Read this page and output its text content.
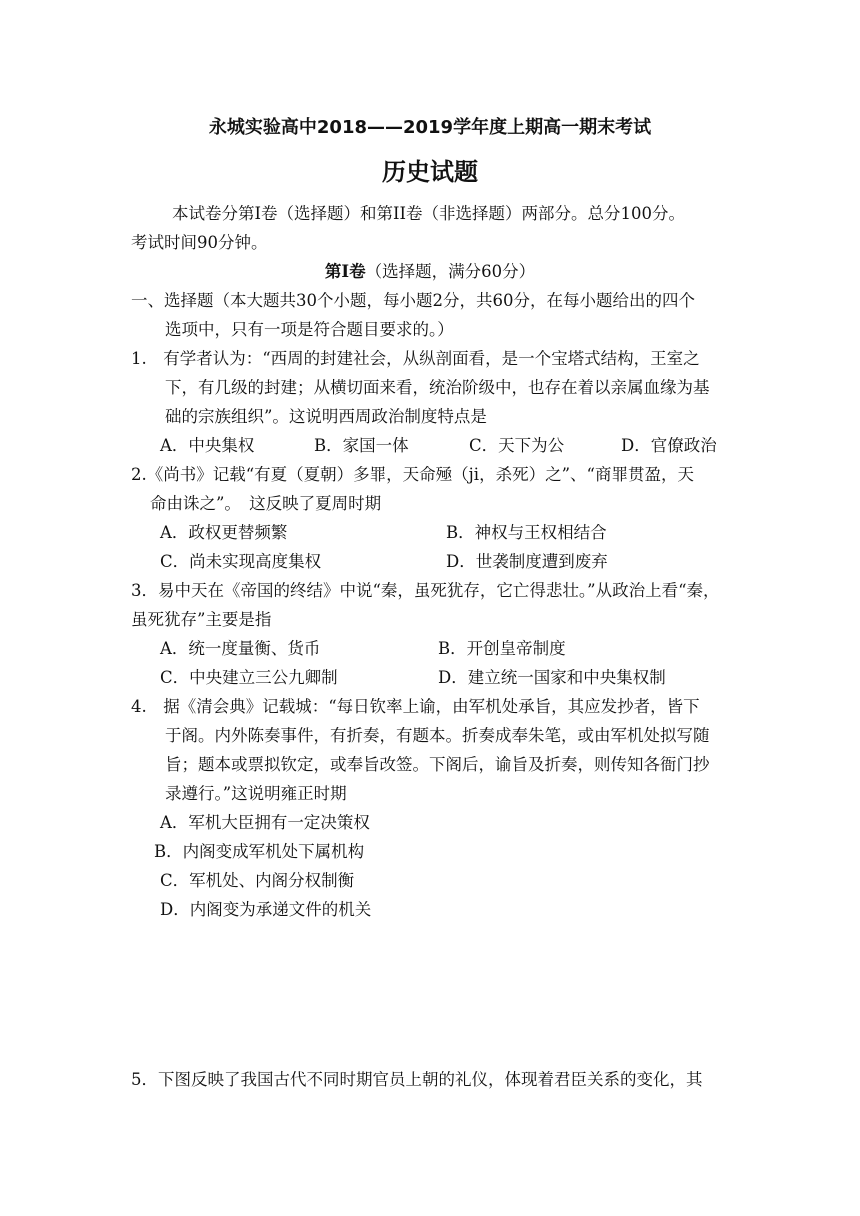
永城实验高中2018——2019学年度上期高一期末考试
历史试题
本试卷分第I卷（选择题）和第II卷（非选择题）两部分。总分100分。
考试时间90分钟。
第Ⅰ卷（选择题，满分60分）
一、选择题（本大题共30个小题，每小题2分，共60分，在每小题给出的四个
选项中，只有一项是符合题目要求的。）
1.　有学者认为：“西周的封建社会，从纵剖面看，是一个宝塔式结构，王室之
下，有几级的封建；从横切面来看，统治阶级中，也存在着以亲属血缘为基
础的宗族组织”。这说明西周政治制度特点是
A．中央集权	B．家国一体	C．天下为公	D．官僚政治
2.《尚书》记载“有夏（夏朝）多罪，天命殛（ji，杀死）之”、“商罪贯盈，天
命由诛之”。　这反映了夏周时期
A．政权更替频繁	B．神权与王权相结合
C．尚未实现高度集权	D．世袭制度遭到废弃
3．易中天在《帝国的终结》中说“秦，虽死犹存，它亡得悲壮。”从政治上看“秦，
虽死犹存”主要是指
A．统一度量衡、货币	B．开创皇帝制度
C．中央建立三公九卿制	D．建立统一国家和中央集权制
4.　据《清会典》记载城：“每日钦率上谕，由军机处承旨，其应发抄者，皆下
于阁。内外陈奏事件，有折奏，有题本。折奏成奉朱笔，或由军机处拟写随
旨；题本或票拟钦定，或奉旨改签。下阁后，谕旨及折奏，则传知各衙门抄
录遵行。”这说明雍正时期
A．军机大臣拥有一定决策权
B．内阁变成军机处下属机构
C．军机处、内阁分权制衡
D．内阁变为承递文件的机关
5．下图反映了我国古代不同时期官员上朝的礼仪，体现着君臣关系的变化，其
